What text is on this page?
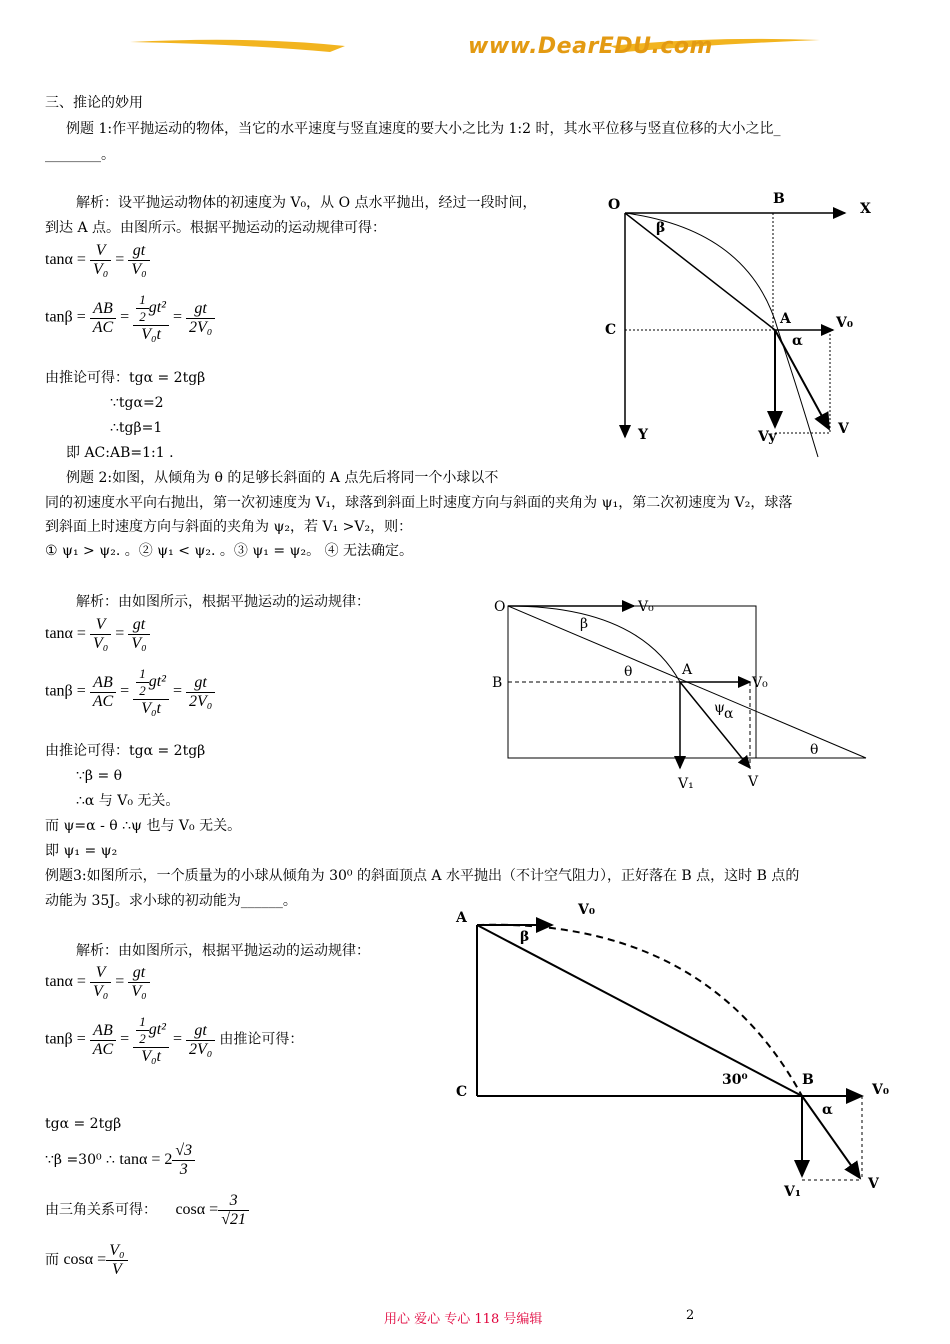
www.DearEDU.com
三、推论的妙用
例题 1:作平抛运动的物体，当它的水平速度与竖直速度的要大小之比为 1:2 时，其水平位移与竖直位移的大小之比_
________。
解析：设平抛运动物体的初速度为 V₀，从 O 点水平抛出，经过一段时间，
到达 A 点。由图所示。根据平抛运动的运动规律可得：
$\tan\alpha = \frac{V}{\text{V₀}} = \frac{gt}{\text{V₀}}$
$\tan\beta = \frac{AB}{AC} = \frac{\frac{1}{2} gt^2}{\text{V₀t}} = \frac{gt}{\text{2V₀}}$
由推论可得：tgα = 2tgβ
∵tgα=2
∴tgβ=1
即 AC:AB=1:1 .
O	B
X
β
A	V₀
C
α
Y	Vy	V
例题 2:如图，从倾角为 θ 的足够长斜面的 A 点先后将同一个小球以不
同的初速度水平向右抛出，第一次初速度为 V₁，球落到斜面上时速度方向与斜面的夹角为 ψ₁，第二次初速度为 V₂，球落
到斜面上时速度方向与斜面的夹角为 ψ₂，若 V₁ >V₂，则：
① ψ₁ > ψ₂. 。② ψ₁ < ψ₂. 。③ ψ₁ = ψ₂。 ④ 无法确定。
解析：由如图所示，根据平抛运动的运动规律：
$\tan\alpha = \frac{V}{\text{V₀}} = \frac{gt}{\text{V₀}}$
$\tan\beta = \frac{AB}{AC} = \frac{\frac{1}{2} gt^2}{\text{V₀t}} = \frac{gt}{\text{2V₀}}$
由推论可得：tgα = 2tgβ
∵β = θ
∴α 与 V₀ 无关。
而 ψ=α - θ ∴ψ 也与 V₀ 无关。
即 ψ₁ = ψ₂
O	V₀
β
B
θ	A
V₀
ψ α
θ
V₁	V
例题3:如图所示，一个质量为的小球从倾角为 30⁰ 的斜面顶点 A 水平抛出（不计空气阻力），正好落在 B 点，这时 B 点的
动能为 35J。求小球的初动能为______。
解析：由如图所示，根据平抛运动的运动规律：
$\tan\alpha = \frac{V}{\text{V₀}} = \frac{gt}{\text{V₀}}$
$\tan\beta = \frac{AB}{AC} = \frac{\frac{1}{2} gt^2}{\text{V₀t}} = \frac{gt}{\text{2V₀}}$ 由推论可得：
tgα = 2tgβ
∵β =30⁰ ∴ $\tan\alpha = 2 \frac{√3}{3}$
由三角关系可得： $\cos\alpha = \frac{3}{√21}$
而 $\cos\alpha = \frac{\text{V₀}}{V}$
A	V₀
β
C
30⁰	B
V₀
α
V₁	V
用心 爱心 专心 118 号编辑	2
